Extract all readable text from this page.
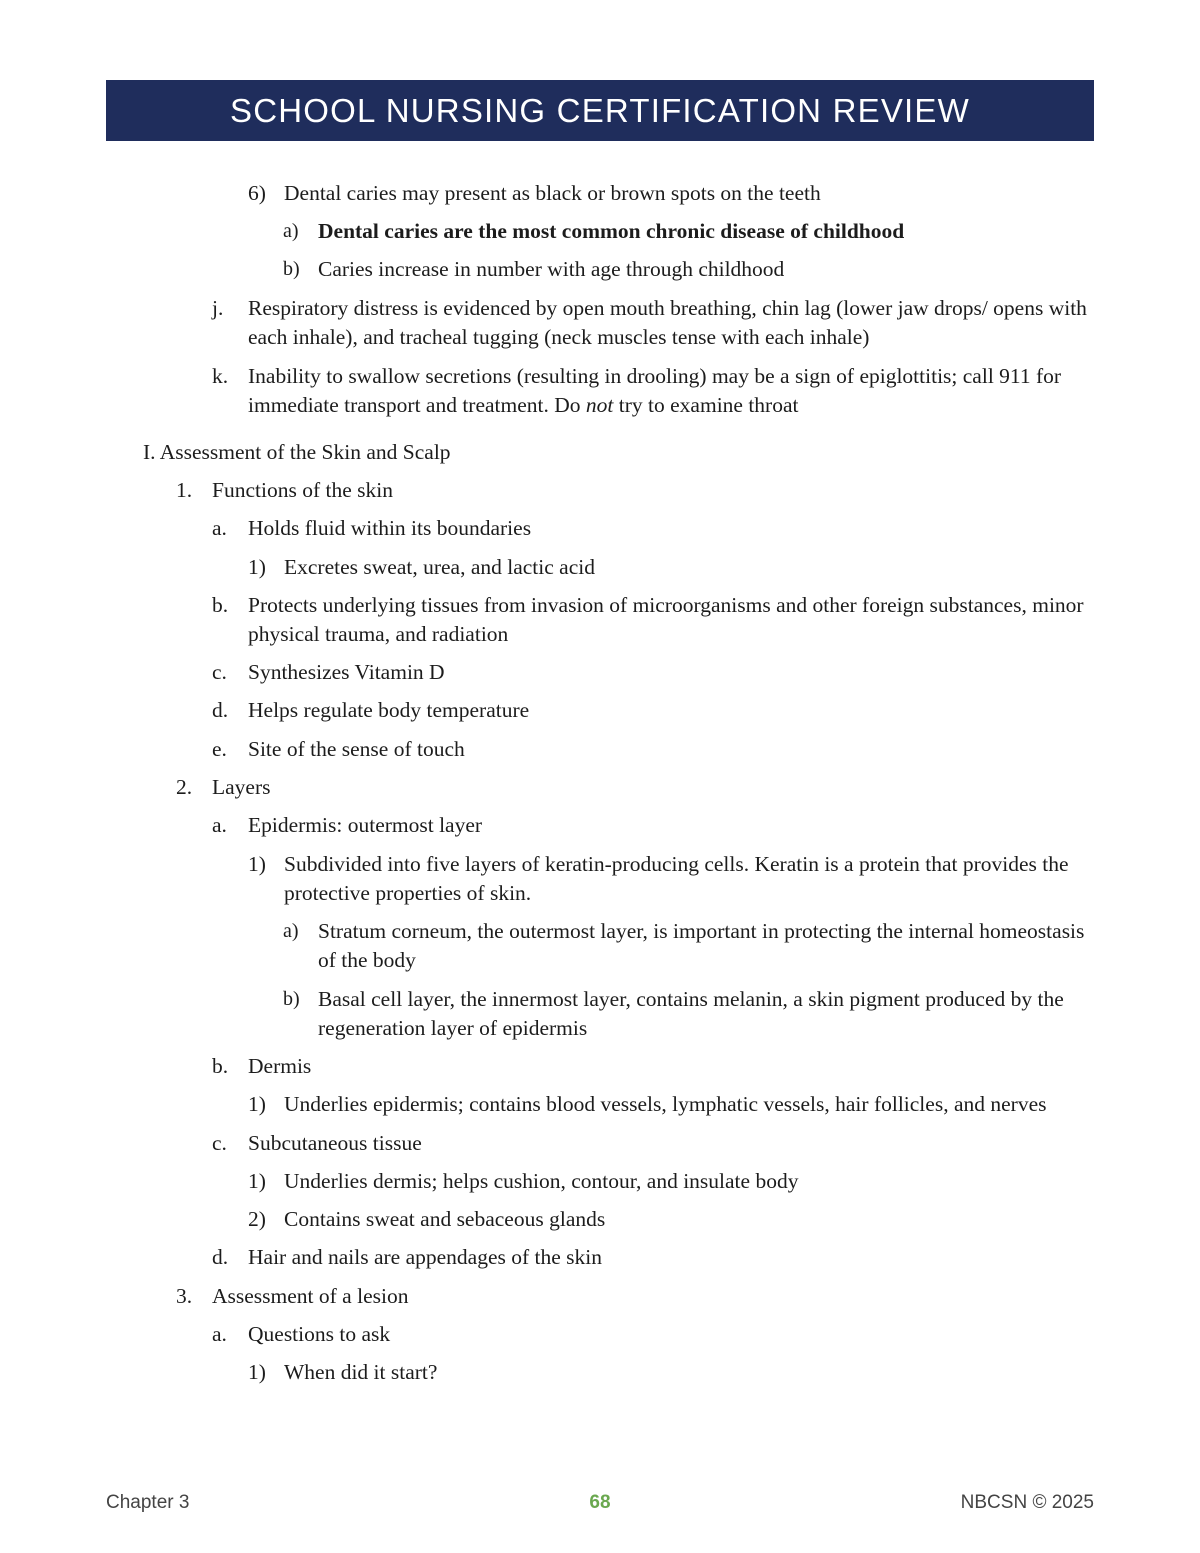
SCHOOL NURSING CERTIFICATION REVIEW
6) Dental caries may present as black or brown spots on the teeth
a) Dental caries are the most common chronic disease of childhood
b) Caries increase in number with age through childhood
j. Respiratory distress is evidenced by open mouth breathing, chin lag (lower jaw drops/ opens with each inhale), and tracheal tugging (neck muscles tense with each inhale)
k. Inability to swallow secretions (resulting in drooling) may be a sign of epiglottitis; call 911 for immediate transport and treatment. Do not try to examine throat
I. Assessment of the Skin and Scalp
1. Functions of the skin
a. Holds fluid within its boundaries
1) Excretes sweat, urea, and lactic acid
b. Protects underlying tissues from invasion of microorganisms and other foreign substances, minor physical trauma, and radiation
c. Synthesizes Vitamin D
d. Helps regulate body temperature
e. Site of the sense of touch
2. Layers
a. Epidermis: outermost layer
1) Subdivided into five layers of keratin-producing cells. Keratin is a protein that provides the protective properties of skin.
a) Stratum corneum, the outermost layer, is important in protecting the internal homeostasis of the body
b) Basal cell layer, the innermost layer, contains melanin, a skin pigment produced by the regeneration layer of epidermis
b. Dermis
1) Underlies epidermis; contains blood vessels, lymphatic vessels, hair follicles, and nerves
c. Subcutaneous tissue
1) Underlies dermis; helps cushion, contour, and insulate body
2) Contains sweat and sebaceous glands
d. Hair and nails are appendages of the skin
3. Assessment of a lesion
a. Questions to ask
1) When did it start?
Chapter 3	68	NBCSN © 2025
